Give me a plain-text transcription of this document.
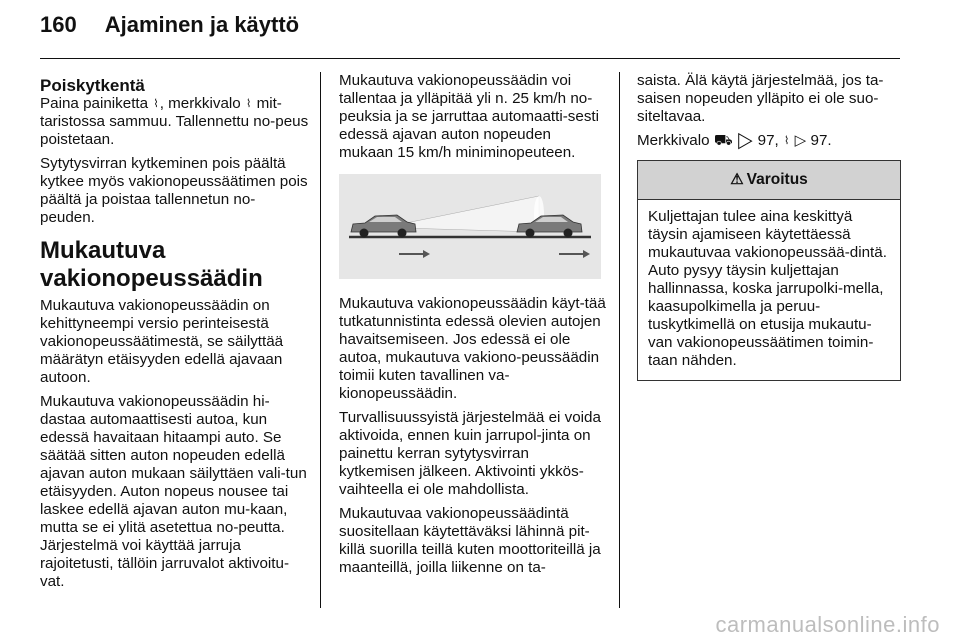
160 Ajaminen ja käyttö
Poiskytkentä

Paina painiketta ⌇, merkkivalo ⌇ mit-taristossa sammuu. Tallennettu no-peus poistetaan.

Sytytysvirran kytkeminen pois päältä kytkee myös vakionopeussäätimen pois päältä ja poistaa tallennetun no-peuden.

Mukautuva
vakionopeussäädin

Mukautuva vakionopeussäädin on kehittyneempi versio perinteisestä vakionopeussäätimestä, se säilyttää määrätyn etäisyyden edellä ajavaan autoon.

Mukautuva vakionopeussäädin hi-dastaa automaattisesti autoa, kun edessä havaitaan hitaampi auto. Se säätää sitten auton nopeuden edellä ajavan auton mukaan säilyttäen vali-tun etäisyyden. Auton nopeus nousee tai laskee edellä ajavan auton mu-kaan, mutta se ei ylitä asetettua no-peutta. Järjestelmä voi käyttää jarruja rajoitetusti, tällöin jarruvalot aktivoitu-vat.

Mukautuva vakionopeussäädin voi tallentaa ja ylläpitää yli n. 25 km/h no-peuksia ja se jarruttaa automaatti-sesti edessä ajavan auton nopeuden mukaan 15 km/h miniminopeuteen.

Mukautuva vakionopeussäädin käyt-tää tutkatunnistinta edessä olevien autojen havaitsemiseen. Jos edessä ei ole autoa, mukautuva vakiono-peussäädin toimii kuten tavallinen va-kionopeussäädin.

Turvallisuussyistä järjestelmää ei voida aktivoida, ennen kuin jarrupol-jinta on painettu kerran sytytysvirran kytkemisen jälkeen. Aktivointi ykkös-vaihteella ei ole mahdollista.

Mukautuvaa vakionopeussäädintä suositellaan käytettäväksi lähinnä pit-killä suorilla teillä kuten moottoriteillä ja maanteillä, joilla liikenne on ta-

saista. Älä käytä järjestelmää, jos ta-saisen nopeuden ylläpito ei ole suo-siteltavaa.

Merkkivalo ⛟ ▷ 97, ⌇ ▷ 97.

⚠ Varoitus
Kuljettajan tulee aina keskittyä täysin ajamiseen käytettäessä mukautuvaa vakionopeussää-dintä. Auto pysyy täysin kuljettajan hallinnassa, koska jarrupolki-mella, kaasupolkimella ja peruu-tuskytkimellä on etusija mukautu-van vakionopeussäätimen toimin-taan nähden.
carmanualsonline.info
